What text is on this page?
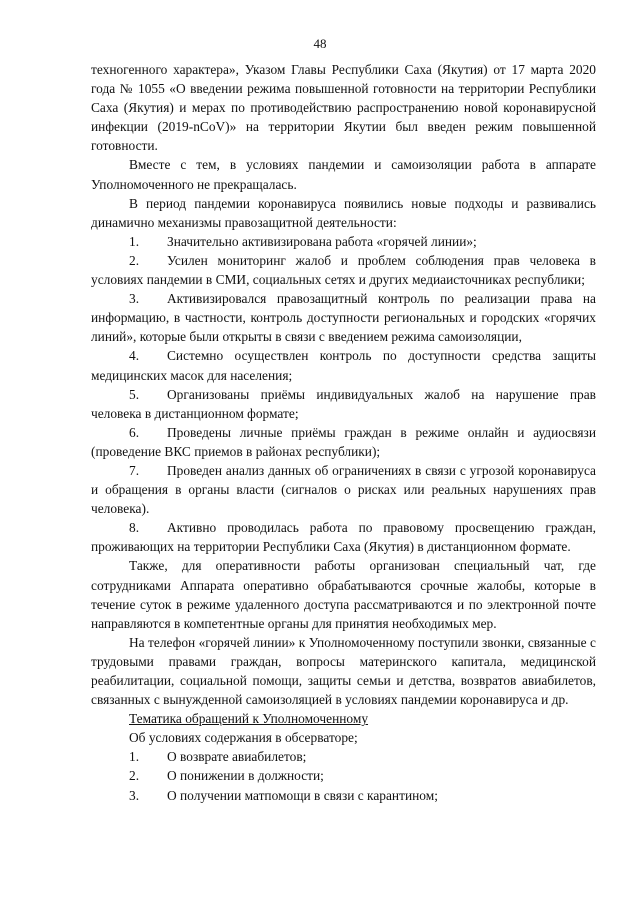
48

техногенного характера», Указом Главы Республики Саха (Якутия) от 17 марта 2020 года № 1055 «О введении режима повышенной готовности на территории Республики Саха (Якутия) и мерах по противодействию распространению новой коронавирусной инфекции (2019-nCoV)» на территории Якутии был введен режим повышенной готовности.

Вместе с тем, в условиях пандемии и самоизоляции работа в аппарате Уполномоченного не прекращалась.

В период пандемии коронавируса появились новые подходы и развивались динамично механизмы правозащитной деятельности:

1. Значительно активизирована работа «горячей линии»;

2. Усилен мониторинг жалоб и проблем соблюдения прав человека в условиях пандемии в СМИ, социальных сетях и других медиаисточниках республики;

3. Активизировался правозащитный контроль по реализации права на информацию, в частности, контроль доступности региональных и городских «горячих линий», которые были открыты в связи с введением режима самоизоляции,

4. Системно осуществлен контроль по доступности средства защиты медицинских масок для населения;

5. Организованы приёмы индивидуальных жалоб на нарушение прав человека в дистанционном формате;

6. Проведены личные приёмы граждан в режиме онлайн и аудиосвязи (проведение ВКС приемов в районах республики);

7. Проведен анализ данных об ограничениях в связи с угрозой коронавируса и обращения в органы власти (сигналов о рисках или реальных нарушениях прав человека).

8. Активно проводилась работа по правовому просвещению граждан, проживающих на территории Республики Саха (Якутия) в дистанционном формате.

Также, для оперативности работы организован специальный чат, где сотрудниками Аппарата оперативно обрабатываются срочные жалобы, которые в течение суток в режиме удаленного доступа рассматриваются и по электронной почте направляются в компетентные органы для принятия необходимых мер.

На телефон «горячей линии» к Уполномоченному поступили звонки, связанные с трудовыми правами граждан, вопросы материнского капитала, медицинской реабилитации, социальной помощи, защиты семьи и детства, возвратов авиабилетов, связанных с вынужденной самоизоляцией в условиях пандемии коронавируса и др.

Тематика обращений к Уполномоченному

Об условиях содержания в обсерваторе;

1. О возврате авиабилетов;

2. О понижении в должности;

3. О получении матпомощи в связи с карантином;
